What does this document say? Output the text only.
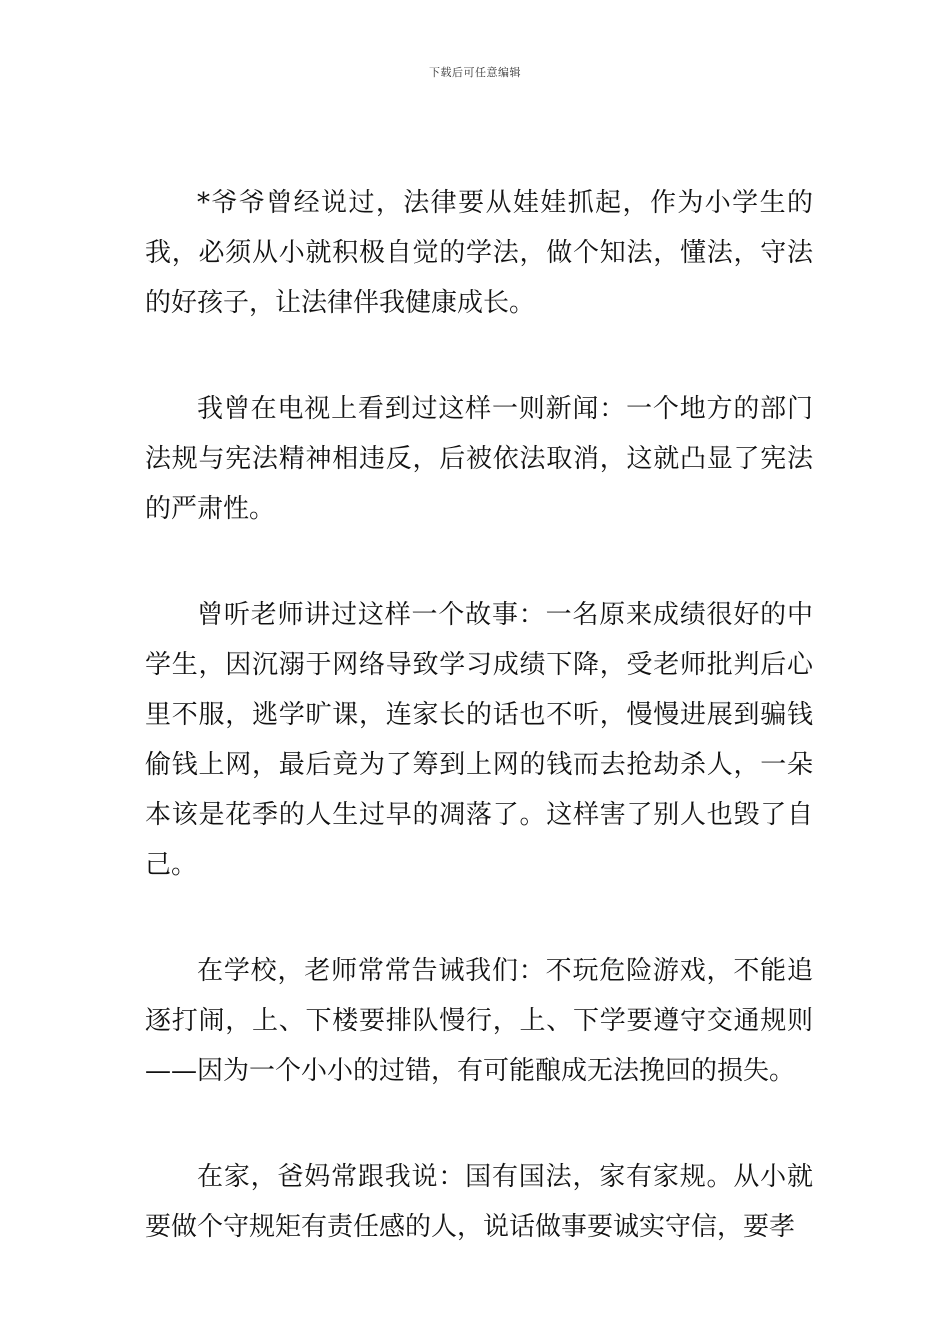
下载后可任意编辑

*爷爷曾经说过，法律要从娃娃抓起，作为小学生的我，必须从小就积极自觉的学法，做个知法，懂法，守法的好孩子，让法律伴我健康成长。

我曾在电视上看到过这样一则新闻：一个地方的部门法规与宪法精神相违反，后被依法取消，这就凸显了宪法的严肃性。

曾听老师讲过这样一个故事：一名原来成绩很好的中学生，因沉溺于网络导致学习成绩下降，受老师批判后心里不服，逃学旷课，连家长的话也不听，慢慢进展到骗钱偷钱上网，最后竟为了筹到上网的钱而去抢劫杀人，一朵本该是花季的人生过早的凋落了。这样害了别人也毁了自己。

在学校，老师常常告诫我们：不玩危险游戏，不能追逐打闹，上、下楼要排队慢行，上、下学要遵守交通规则——因为一个小小的过错，有可能酿成无法挽回的损失。

在家，爸妈常跟我说：国有国法，家有家规。从小就要做个守规矩有责任感的人，说话做事要诚实守信，要孝
